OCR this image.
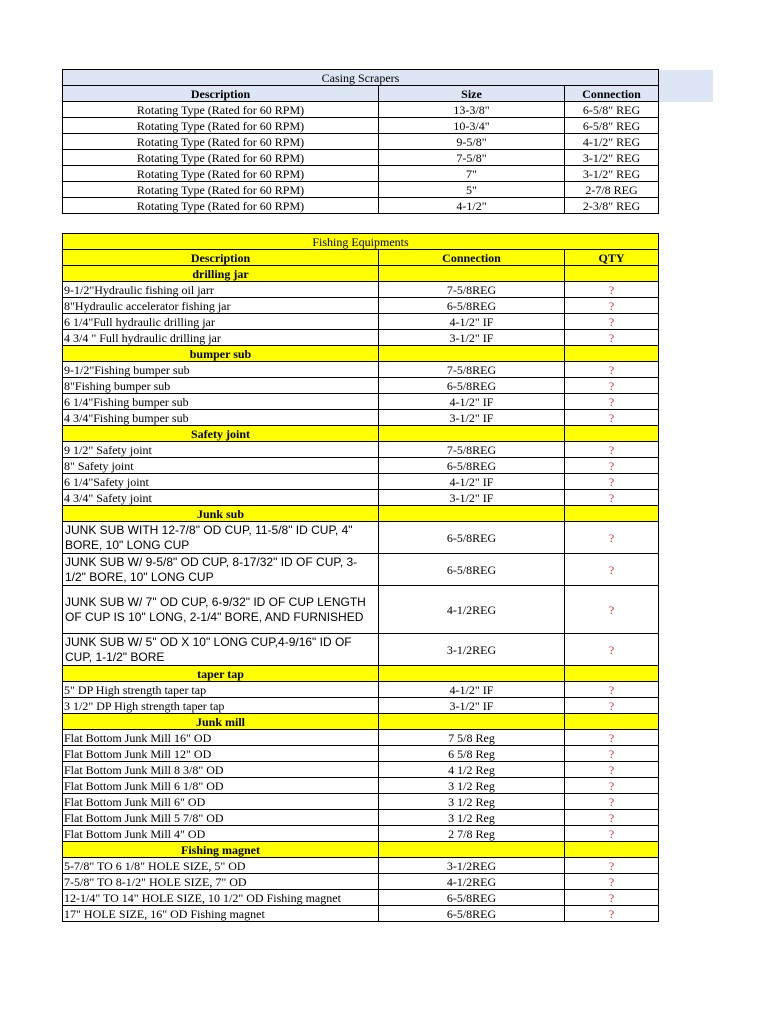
Casing Scrapers		
Description	Size	Connection
Rotating Type (Rated for 60 RPM)	13-3/8"	6-5/8" REG
Rotating Type (Rated for 60 RPM)	10-3/4"	6-5/8" REG
Rotating Type (Rated for 60 RPM)	9-5/8"	4-1/2" REG
Rotating Type (Rated for 60 RPM)	7-5/8"	3-1/2" REG
Rotating Type (Rated for 60 RPM)	7"	3-1/2" REG
Rotating Type (Rated for 60 RPM)	5"	2-7/8 REG
Rotating Type (Rated for 60 RPM)	4-1/2"	2-3/8" REG
Fishing Equipments		
Description	Connection	QTY
drilling jar		
9-1/2"Hydraulic fishing oil jarr	7-5/8REG	?
8"Hydraulic accelerator fishing jar	6-5/8REG	?
6 1/4"Full hydraulic drilling jar	4-1/2" IF	?
4 3/4 " Full hydraulic drilling jar	3-1/2" IF	?
bumper sub		
9-1/2"Fishing bumper sub	7-5/8REG	?
8"Fishing bumper sub	6-5/8REG	?
6 1/4"Fishing bumper sub	4-1/2" IF	?
4 3/4"Fishing bumper sub	3-1/2" IF	?
Safety joint		
9 1/2" Safety joint	7-5/8REG	?
8" Safety joint	6-5/8REG	?
6 1/4"Safety joint	4-1/2" IF	?
4 3/4" Safety joint	3-1/2" IF	?
Junk sub		
JUNK SUB WITH 12-7/8" OD CUP, 11-5/8" ID CUP, 4" BORE, 10" LONG CUP	6-5/8REG	?
JUNK SUB W/ 9-5/8" OD CUP, 8-17/32" ID OF CUP, 3-1/2" BORE, 10" LONG CUP	6-5/8REG	?
JUNK SUB W/ 7" OD CUP, 6-9/32" ID OF CUP LENGTH OF CUP IS 10" LONG, 2-1/4" BORE, AND FURNISHED	4-1/2REG	?
JUNK SUB W/ 5" OD X 10" LONG CUP,4-9/16" ID OF CUP, 1-1/2" BORE	3-1/2REG	?
taper tap		
5" DP High strength taper tap	4-1/2" IF	?
3 1/2" DP High strength taper tap	3-1/2" IF	?
Junk mill		
Flat Bottom Junk Mill 16" OD	7 5/8 Reg	?
Flat Bottom Junk Mill 12" OD	6 5/8 Reg	?
Flat Bottom Junk Mill 8 3/8" OD	4 1/2 Reg	?
Flat Bottom Junk Mill 6 1/8" OD	3 1/2 Reg	?
Flat Bottom Junk Mill 6" OD	3 1/2 Reg	?
Flat Bottom Junk Mill 5 7/8" OD	3 1/2 Reg	?
Flat Bottom Junk Mill 4" OD	2 7/8 Reg	?
Fishing magnet		
5-7/8" TO 6 1/8" HOLE SIZE, 5" OD	3-1/2REG	?
7-5/8" TO 8-1/2" HOLE SIZE, 7" OD	4-1/2REG	?
12-1/4" TO 14" HOLE SIZE, 10 1/2" OD Fishing magnet	6-5/8REG	?
17" HOLE SIZE, 16" OD Fishing magnet	6-5/8REG	?
